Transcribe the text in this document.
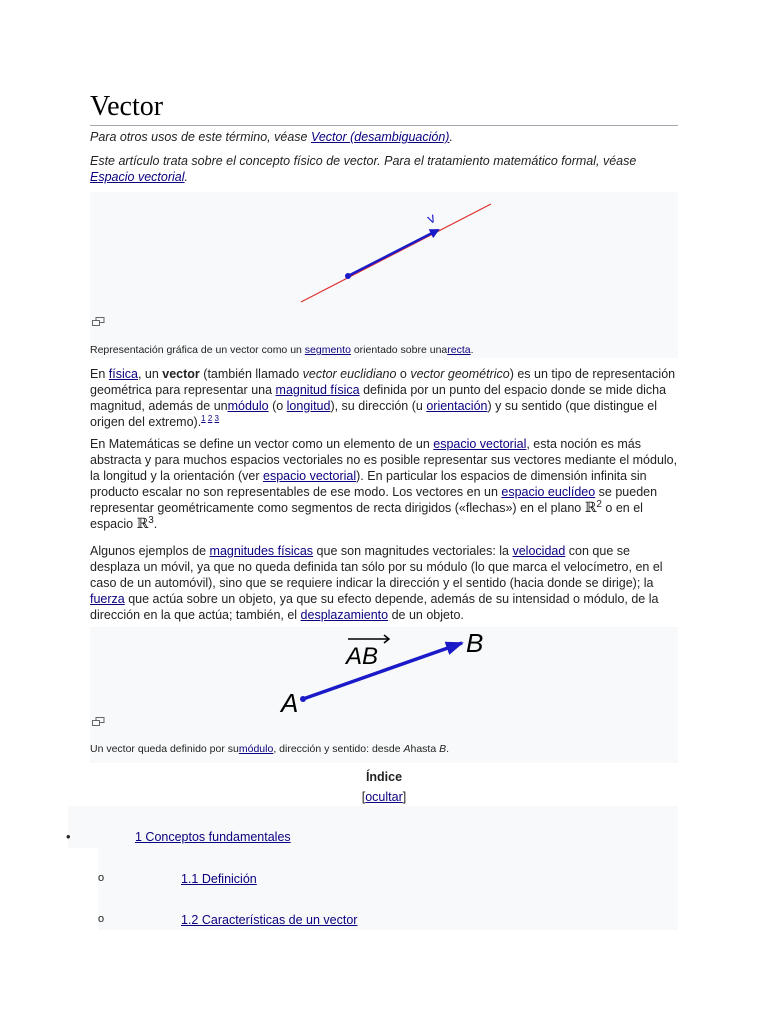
Vector
Para otros usos de este término, véase Vector (desambiguación).
Este artículo trata sobre el concepto físico de vector. Para el tratamiento matemático formal, véase Espacio vectorial.
v
Representación gráfica de un vector como un segmento orientado sobre unarecta.
En física, un vector (también llamado vector euclidiano o vector geométrico) es un tipo de representación geométrica para representar una magnitud física definida por un punto del espacio donde se mide dicha magnitud, además de unmódulo (o longitud), su dirección (u orientación) y su sentido (que distingue el origen del extremo).$^{1 2 3}$
En Matemáticas se define un vector como un elemento de un espacio vectorial, esta noción es más abstracta y para muchos espacios vectoriales no es posible representar sus vectores mediante el módulo, la longitud y la orientación (ver espacio vectorial). En particular los espacios de dimensión infinita sin producto escalar no son representables de ese modo. Los vectores en un espacio euclídeo se pueden representar geométricamente como segmentos de recta dirigidos («flechas») en el plano ℝ$^2$ o en el espacio ℝ$^3$.
Algunos ejemplos de magnitudes físicas que son magnitudes vectoriales: la velocidad con que se desplaza un móvil, ya que no queda definida tan sólo por su módulo (lo que marca el velocímetro, en el caso de un automóvil), sino que se requiere indicar la dirección y el sentido (hacia donde se dirige); la fuerza que actúa sobre un objeto, ya que su efecto depende, además de su intensidad o módulo, de la dirección en la que actúa; también, el desplazamiento de un objeto.
AB
A
B
Un vector queda definido por sumódulo, dirección y sentido: desde Ahasta B.
Índice
[ocultar]
•	1 Conceptos fundamentales
o	1.1 Definición
o	1.2 Características de un vector
